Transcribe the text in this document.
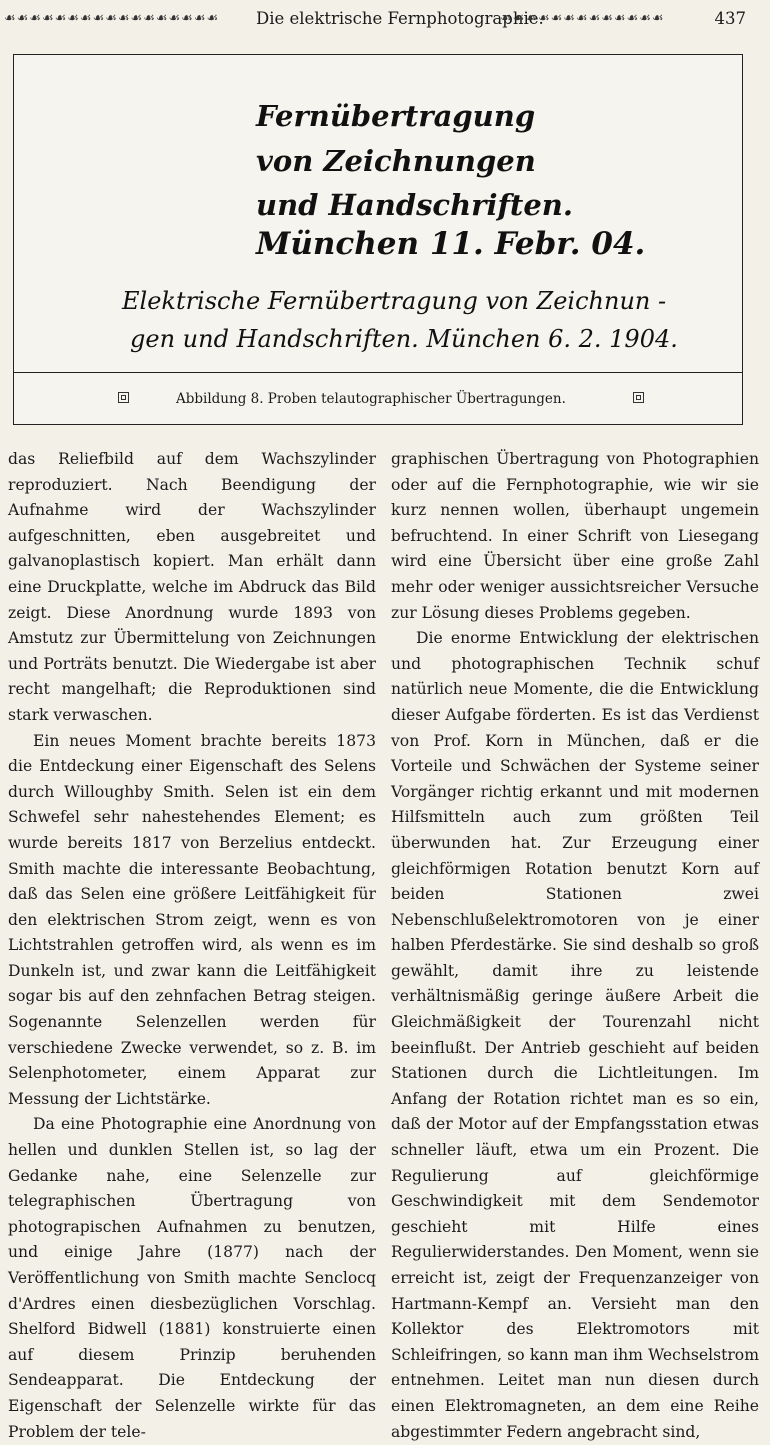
☙☙☙☙☙☙☙☙☙☙☙☙☙☙☙☙☙ Die elektrische Fernphotographie.
☙☙☙☙☙☙☙☙☙☙☙☙☙	437
Fernübertragung
von Zeichnungen
und Handschriften.
München 11. Febr. 04.
Elektrische Fernübertragung von Zeichnun -
gen und Handschriften. München 6. 2. 1904.
Abbildung 8. Proben telautographischer Übertragungen.

das Reliefbild auf dem Wachszylinder reproduziert. Nach Beendigung der Aufnahme wird der Wachszylinder aufgeschnitten, eben ausgebreitet und galvanoplastisch kopiert. Man erhält dann eine Druckplatte, welche im Abdruck das Bild zeigt. Diese Anordnung wurde 1893 von Amstutz zur Übermittelung von Zeichnungen und Porträts benutzt. Die Wiedergabe ist aber recht mangelhaft; die Reproduktionen sind stark verwaschen.

Ein neues Moment brachte bereits 1873 die Entdeckung einer Eigenschaft des Selens durch Willoughby Smith. Selen ist ein dem Schwefel sehr nahestehendes Element; es wurde bereits 1817 von Berzelius entdeckt. Smith machte die interessante Beobachtung, daß das Selen eine größere Leitfähigkeit für den elektrischen Strom zeigt, wenn es von Lichtstrahlen getroffen wird, als wenn es im Dunkeln ist, und zwar kann die Leitfähigkeit sogar bis auf den zehnfachen Betrag steigen. Sogenannte Selenzellen werden für verschiedene Zwecke verwendet, so z. B. im Selenphotometer, einem Apparat zur Messung der Lichtstärke.

Da eine Photographie eine Anordnung von hellen und dunklen Stellen ist, so lag der Gedanke nahe, eine Selenzelle zur telegraphischen Übertragung von photograpischen Aufnahmen zu benutzen, und einige Jahre (1877) nach der Veröffentlichung von Smith machte Senclocq d'Ardres einen diesbezüglichen Vorschlag. Shelford Bidwell (1881) konstruierte einen auf diesem Prinzip beruhenden Sendeapparat. Die Entdeckung der Eigenschaft der Selenzelle wirkte für das Problem der tele-

graphischen Übertragung von Photographien oder auf die Fernphotographie, wie wir sie kurz nennen wollen, überhaupt ungemein befruchtend. In einer Schrift von Liesegang wird eine Übersicht über eine große Zahl mehr oder weniger aussichtsreicher Versuche zur Lösung dieses Problems gegeben.

Die enorme Entwicklung der elektrischen und photographischen Technik schuf natürlich neue Momente, die die Entwicklung dieser Aufgabe förderten. Es ist das Verdienst von Prof. Korn in München, daß er die Vorteile und Schwächen der Systeme seiner Vorgänger richtig erkannt und mit modernen Hilfsmitteln auch zum größten Teil überwunden hat. Zur Erzeugung einer gleichförmigen Rotation benutzt Korn auf beiden Stationen zwei Nebenschlußelektromotoren von je einer halben Pferdestärke. Sie sind deshalb so groß gewählt, damit ihre zu leistende verhältnismäßig geringe äußere Arbeit die Gleichmäßigkeit der Tourenzahl nicht beeinflußt. Der Antrieb geschieht auf beiden Stationen durch die Lichtleitungen. Im Anfang der Rotation richtet man es so ein, daß der Motor auf der Empfangsstation etwas schneller läuft, etwa um ein Prozent. Die Regulierung auf gleichförmige Geschwindigkeit mit dem Sendemotor geschieht mit Hilfe eines Regulierwiderstandes. Den Moment, wenn sie erreicht ist, zeigt der Frequenzanzeiger von Hartmann-Kempf an. Versieht man den Kollektor des Elektromotors mit Schleifringen, so kann man ihm Wechselstrom entnehmen. Leitet man nun diesen durch einen Elektromagneten, an dem eine Reihe abgestimmter Federn angebracht sind,
